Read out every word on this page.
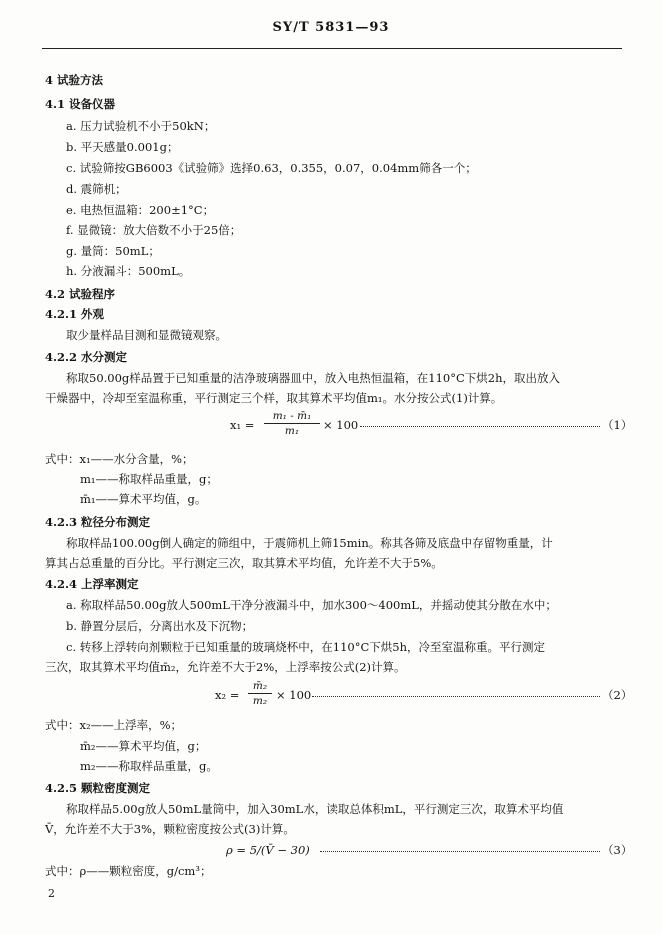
SY/T 5831—93
4 试验方法
4.1 设备仪器
a. 压力试验机不小于50kN；
b. 平天感量0.001g；
c. 试验筛按GB6003《试验筛》选择0.63，0.355，0.07，0.04mm筛各一个；
d. 震筛机；
e. 电热恒温箱：200±1°C；
f. 显微镜：放大倍数不小于25倍；
g. 量筒：50mL；
h. 分液漏斗：500mL。
4.2 试验程序
4.2.1 外观
取少量样品目测和显微镜观察。
4.2.2 水分测定
称取50.00g样品置于已知重量的洁净玻璃器皿中，放入电热恒温箱，在110°C下烘2h，取出放入
干燥器中，冷却至室温称重，平行测定三个样，取其算术平均值m₁。水分按公式(1)计算。
x₁ =
m₁ - m̄₁
m₁	× 100	（1）
式中：x₁——水分含量，%；
m₁——称取样品重量，g；
m̄₁——算术平均值，g。
4.2.3 粒径分布测定
称取样品100.00g倒人确定的筛组中，于震筛机上筛15min。称其各筛及底盘中存留物重量，计
算其占总重量的百分比。平行测定三次，取其算术平均值，允许差不大于5%。
4.2.4 上浮率测定
a. 称取样品50.00g放人500mL干净分液漏斗中，加水300～400mL，并摇动使其分散在水中；
b. 静置分层后，分离出水及下沉物；
c. 转移上浮转向剂颗粒于已知重量的玻璃烧杯中，在110°C下烘5h，冷至室温称重。平行测定
三次，取其算术平均值m̄₂，允许差不大于2%，上浮率按公式(2)计算。
x₂ =
m̄₂
m₂ × 100	（2）
式中：x₂——上浮率，%；
m̄₂——算术平均值，g；
m₂——称取样品重量，g。
4.2.5 颗粒密度测定
称取样品5.00g放人50mL量筒中，加入30mL水，读取总体积mL，平行测定三次，取算术平均值
V̄，允许差不大于3%，颗粒密度按公式(3)计算。
ρ = 5/(V̄ − 30)	（3）
式中：ρ——颗粒密度，g/cm³；
2
